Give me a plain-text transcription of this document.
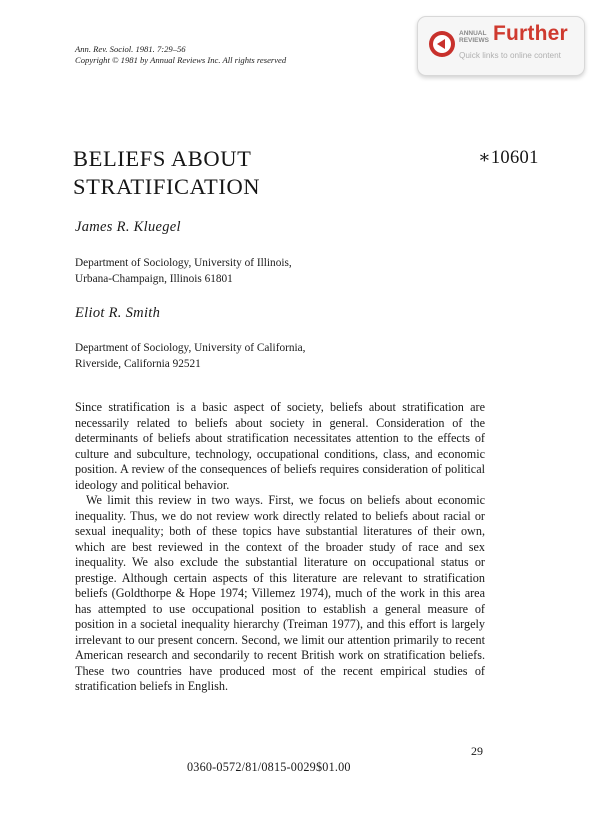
Ann. Rev. Sociol. 1981. 7:29–56
Copyright © 1981 by Annual Reviews Inc. All rights reserved
ANNUAL REVIEWS Further
Quick links to online content
BELIEFS ABOUT
STRATIFICATION
∗10601
James R. Kluegel
Department of Sociology, University of Illinois,
Urbana-Champaign, Illinois 61801
Eliot R. Smith
Department of Sociology, University of California,
Riverside, California 92521

Since stratification is a basic aspect of society, beliefs about stratification are necessarily related to beliefs about society in general. Consideration of the determinants of beliefs about stratification necessitates attention to the effects of culture and subculture, technology, occupational conditions, class, and economic position. A review of the consequences of beliefs requires consideration of political ideology and political behavior.

We limit this review in two ways. First, we focus on beliefs about economic inequality. Thus, we do not review work directly related to beliefs about racial or sexual inequality; both of these topics have substantial literatures of their own, which are best reviewed in the context of the broader study of race and sex inequality. We also exclude the substantial literature on occupational status or prestige. Although certain aspects of this literature are relevant to stratification beliefs (Goldthorpe & Hope 1974; Villemez 1974), much of the work in this area has attempted to use occupational position to establish a general measure of position in a societal inequality hierarchy (Treiman 1977), and this effort is largely irrelevant to our present concern. Second, we limit our attention primarily to recent American research and secondarily to recent British work on stratification beliefs. These two countries have produced most of the recent empirical studies of stratification beliefs in English.

29
0360-0572/81/0815-0029$01.00
